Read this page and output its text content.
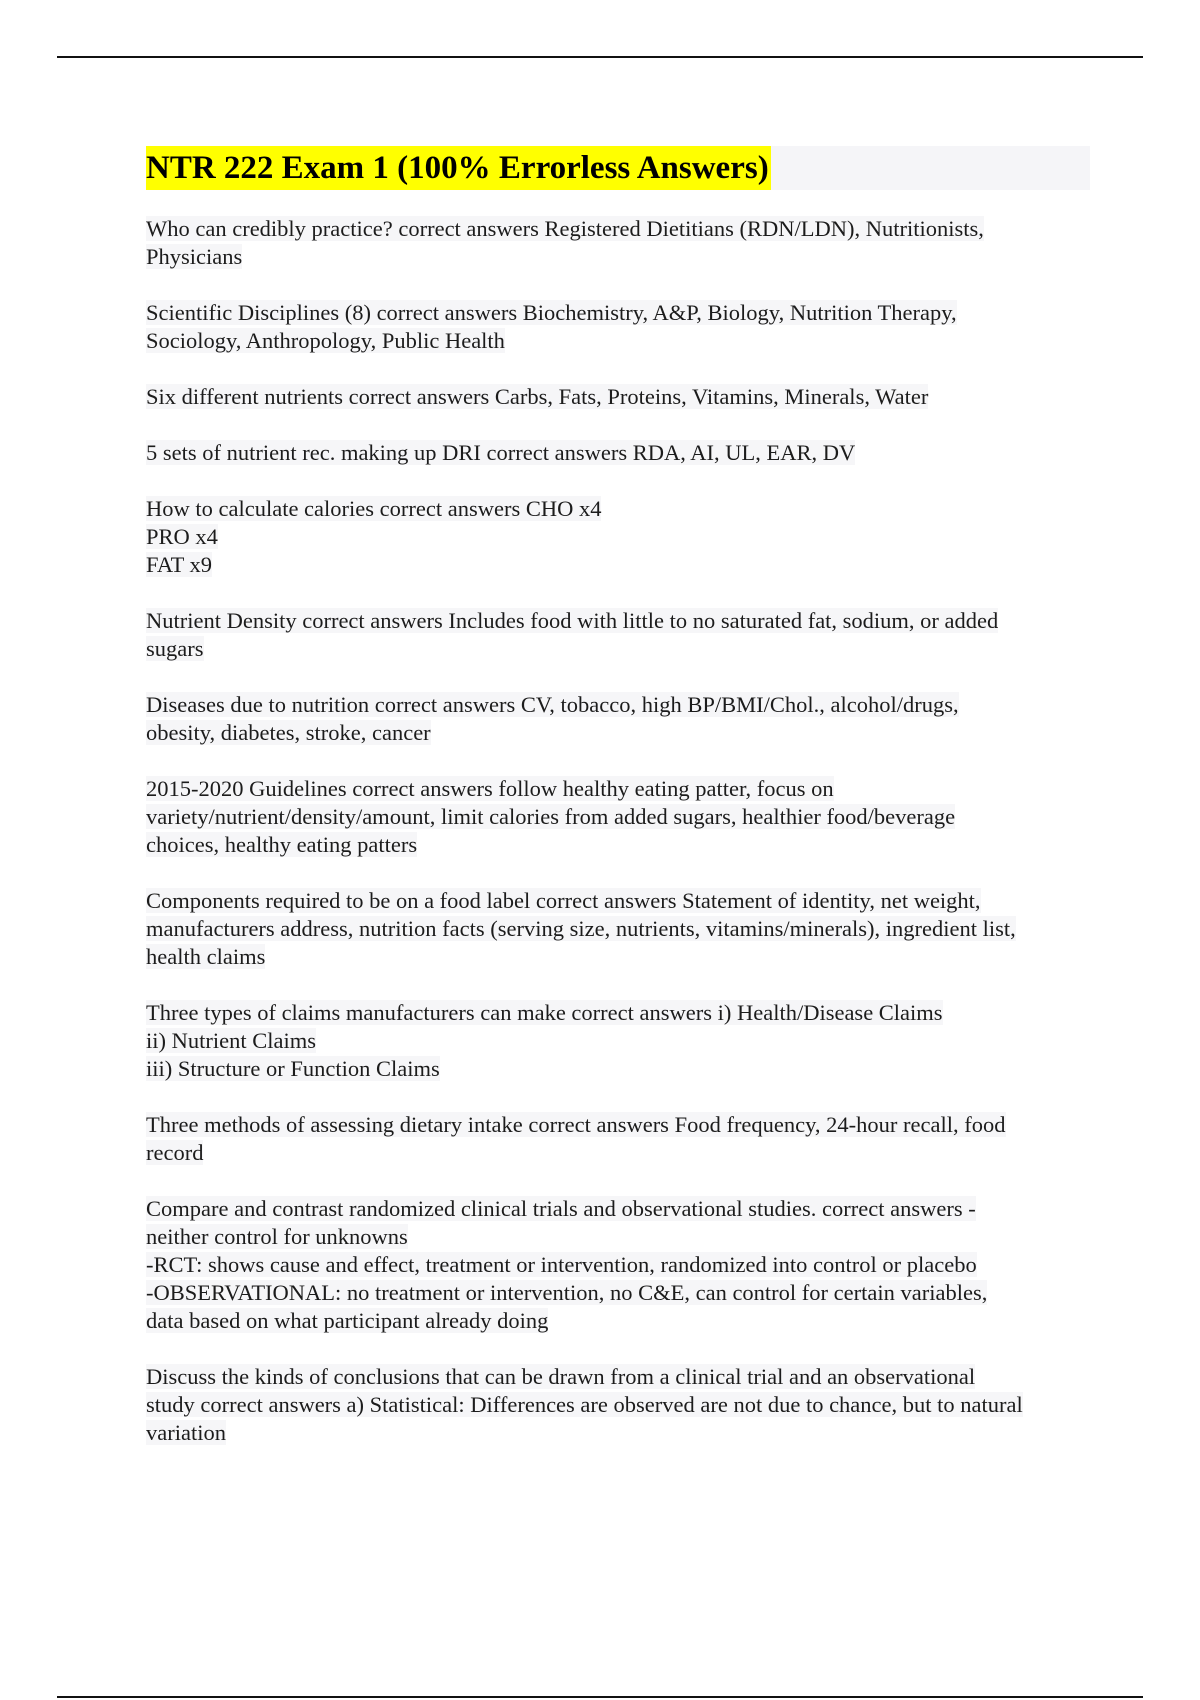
NTR 222 Exam 1 (100% Errorless Answers)
Who can credibly practice? correct answers Registered Dietitians (RDN/LDN), Nutritionists,
Physicians
Scientific Disciplines (8) correct answers Biochemistry, A&P, Biology, Nutrition Therapy,
Sociology, Anthropology, Public Health
Six different nutrients correct answers Carbs, Fats, Proteins, Vitamins, Minerals, Water
5 sets of nutrient rec. making up DRI correct answers RDA, AI, UL, EAR, DV
How to calculate calories correct answers CHO x4
PRO x4
FAT x9
Nutrient Density correct answers Includes food with little to no saturated fat, sodium, or added
sugars
Diseases due to nutrition correct answers CV, tobacco, high BP/BMI/Chol., alcohol/drugs,
obesity, diabetes, stroke, cancer
2015-2020 Guidelines correct answers follow healthy eating patter, focus on
variety/nutrient/density/amount, limit calories from added sugars, healthier food/beverage
choices, healthy eating patters
Components required to be on a food label correct answers Statement of identity, net weight,
manufacturers address, nutrition facts (serving size, nutrients, vitamins/minerals), ingredient list,
health claims
Three types of claims manufacturers can make correct answers i) Health/Disease Claims
ii) Nutrient Claims
iii) Structure or Function Claims
Three methods of assessing dietary intake correct answers Food frequency, 24-hour recall, food
record
Compare and contrast randomized clinical trials and observational studies. correct answers -
neither control for unknowns
-RCT: shows cause and effect, treatment or intervention, randomized into control or placebo
-OBSERVATIONAL: no treatment or intervention, no C&E, can control for certain variables,
data based on what participant already doing
Discuss the kinds of conclusions that can be drawn from a clinical trial and an observational
study correct answers a) Statistical: Differences are observed are not due to chance, but to natural
variation
